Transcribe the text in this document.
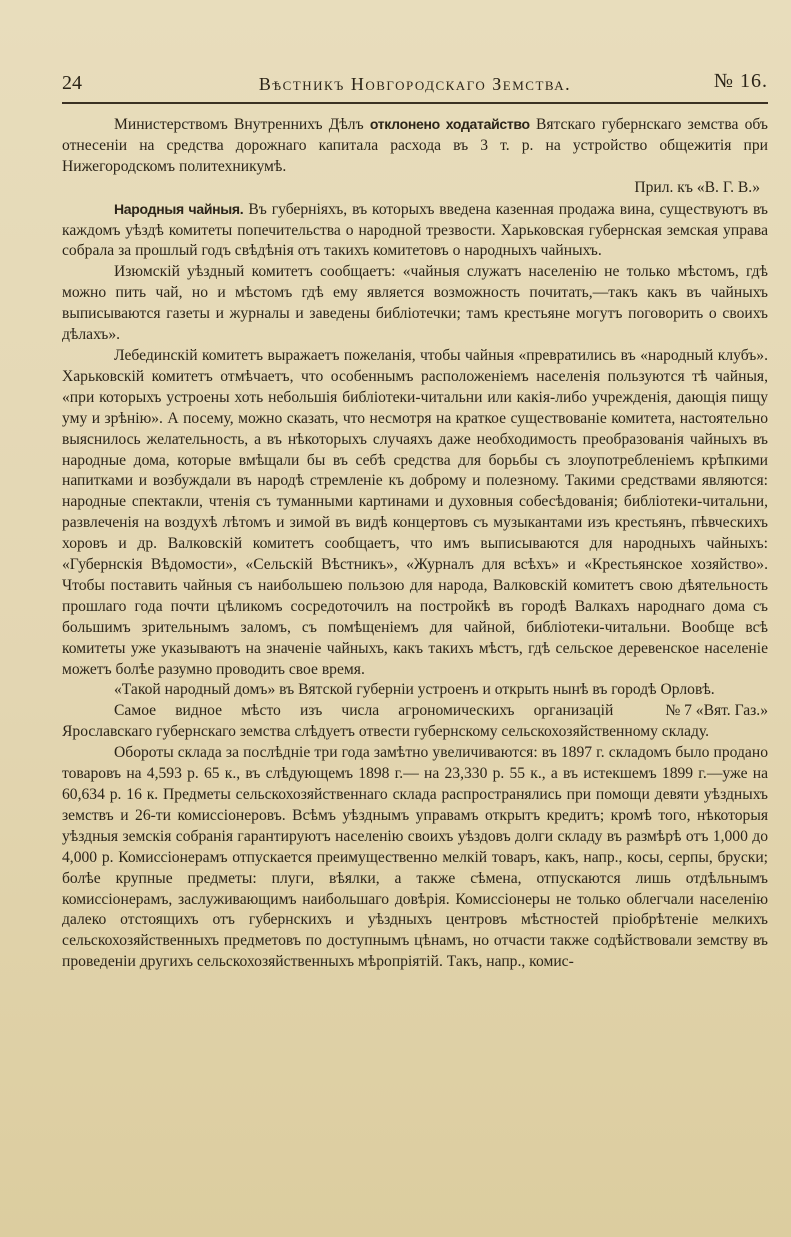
24	Вѣстникъ Новгородскаго Земства.	№ 16.

Министерствомъ Внутреннихъ Дѣлъ отклонено ходатайство Вятскаго губернскаго земства объ отнесеніи на средства дорожнаго капитала расхода въ 3 т. р. на устройство общежитія при Нижегородскомъ политехникумѣ.

Прил. къ «В. Г. В.»

Народныя чайныя. Въ губерніяхъ, въ которыхъ введена казенная продажа вина, существуютъ въ каждомъ уѣздѣ комитеты попечительства о народной трезвости. Харьковская губернская земская управа собрала за прошлый годъ свѣдѣнія отъ такихъ комитетовъ о народныхъ чайныхъ.

Изюмскій уѣздный комитетъ сообщаетъ: «чайныя служатъ населенію не только мѣстомъ, гдѣ можно пить чай, но и мѣстомъ гдѣ ему является возможность почитать,—такъ какъ въ чайныхъ выписываются газеты и журналы и заведены библіотечки; тамъ крестьяне могутъ поговорить о своихъ дѣлахъ».

Лебединскій комитетъ выражаетъ пожеланія, чтобы чайныя «превратились въ «народный клубъ». Харьковскій комитетъ отмѣчаетъ, что особеннымъ расположеніемъ населенія пользуются тѣ чайныя, «при которыхъ устроены хоть небольшія библіотеки-читальни или какія-либо учрежденія, дающія пищу уму и зрѣнію». А посему, можно сказать, что несмотря на краткое существованіе комитета, настоятельно выяснилось желательность, а въ нѣкоторыхъ случаяхъ даже необходимость преобразованія чайныхъ въ народные дома, которые вмѣщали бы въ себѣ средства для борьбы съ злоупотребленіемъ крѣпкими напитками и возбуждали въ народѣ стремленіе къ доброму и полезному. Такими средствами являются: народные спектакли, чтенія съ туманными картинами и духовныя собесѣдованія; библіотеки-читальни, развлеченія на воздухѣ лѣтомъ и зимой въ видѣ концертовъ съ музыкантами изъ крестьянъ, пѣвческихъ хоровъ и др. Валковскій комитетъ сообщаетъ, что имъ выписываются для народныхъ чайныхъ: «Губернскія Вѣдомости», «Сельскій Вѣстникъ», «Журналъ для всѣхъ» и «Крестьянское хозяйство». Чтобы поставить чайныя съ наибольшею пользою для народа, Валковскій комитетъ свою дѣятельность прошлаго года почти цѣликомъ сосредоточилъ на постройкѣ въ городѣ Валкахъ народнаго дома съ большимъ зрительнымъ заломъ, съ помѣщеніемъ для чайной, библіотеки-читальни. Вообще всѣ комитеты уже указываютъ на значеніе чайныхъ, какъ такихъ мѣстъ, гдѣ сельское деревенское населеніе можетъ болѣе разумно проводить свое время.

«Такой народный домъ» въ Вятской губерніи устроенъ и открыть нынѣ въ городѣ Орловѣ.
№ 7 «Вят. Газ.»

Самое видное мѣсто изъ числа агрономическихъ организацій Ярославскаго губернскаго земства слѣдуетъ отвести губернскому сельскохозяйственному складу.

Обороты склада за послѣдніе три года замѣтно увеличиваются: въ 1897 г. складомъ было продано товаровъ на 4,593 р. 65 к., въ слѣдующемъ 1898 г.— на 23,330 р. 55 к., а въ истекшемъ 1899 г.—уже на 60,634 р. 16 к. Предметы сельскохозяйственнаго склада распространялись при помощи девяти уѣздныхъ земствъ и 26-ти комиссіонеровъ. Всѣмъ уѣзднымъ управамъ открытъ кредитъ; кромѣ того, нѣкоторыя уѣздныя земскія собранія гарантируютъ населенію своихъ уѣздовъ долги складу въ размѣрѣ отъ 1,000 до 4,000 р. Комиссіонерамъ отпускается преимущественно мелкій товаръ, какъ, напр., косы, серпы, бруски; болѣе крупные предметы: плуги, вѣялки, а также сѣмена, отпускаются лишь отдѣльнымъ комиссіонерамъ, заслуживающимъ наибольшаго довѣрія. Комиссіонеры не только облегчали населенію далеко отстоящихъ отъ губернскихъ и уѣздныхъ центровъ мѣстностей пріобрѣтеніе мелкихъ сельскохозяйственныхъ предметовъ по доступнымъ цѣнамъ, но отчасти также содѣйствовали земству въ проведеніи другихъ сельскохозяйственныхъ мѣропріятій. Такъ, напр., комис-
